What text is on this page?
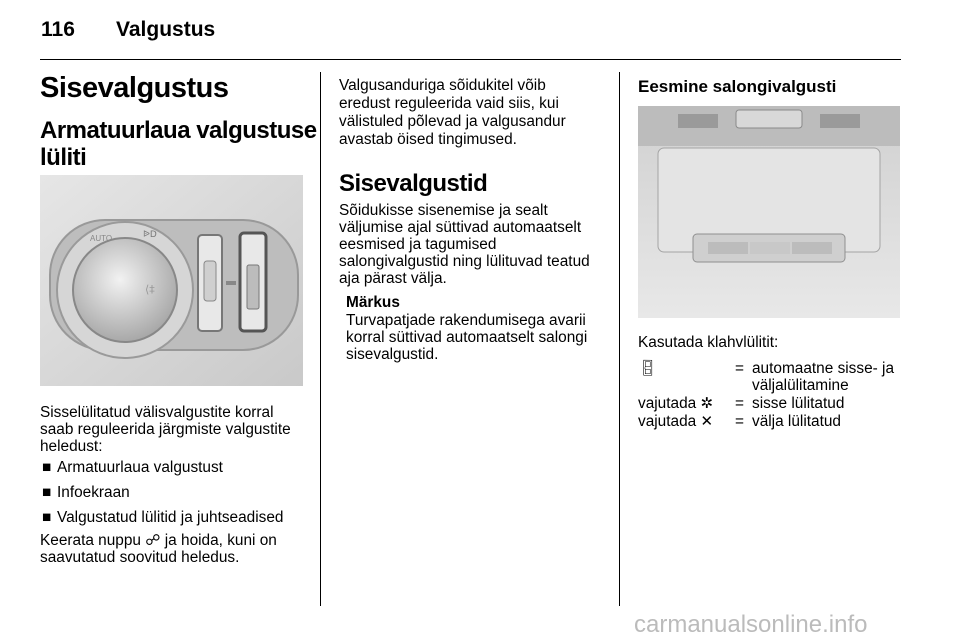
116 Valgustus
Sisevalgustus
Armatuurlaua valgustuse
lüliti
AUTO	ᐉD
⟨‡
Sisselülitatud välisvalgustite korral
saab reguleerida järgmiste valgustite
heledust:
■ Armatuurlaua valgustust
■ Infoekraan
■ Valgustatud lülitid ja juhtseadised
Keerata nuppu ☍ ja hoida, kuni on
saavutatud soovitud heledus.
Valgusanduriga sõidukitel võib
eredust reguleerida vaid siis, kui
välistuled põlevad ja valgusandur
avastab öised tingimused.
Sisevalgustid
Sõidukisse sisenemise ja sealt
väljumise ajal süttivad automaatselt
eesmised ja tagumised
salongivalgustid ning lülituvad teatud
aja pärast välja.
Märkus
Turvapatjade rakendumisega avarii
korral süttivad automaatselt salongi
sisevalgustid.
Eesmine salongivalgusti
Kasutada klahvlülitit:
🚪︎	= automaatne sisse- ja
väljalülitamine
vajutada ✲ = sisse lülitatud
vajutada ✕ = välja lülitatud
carmanualsonline.info
